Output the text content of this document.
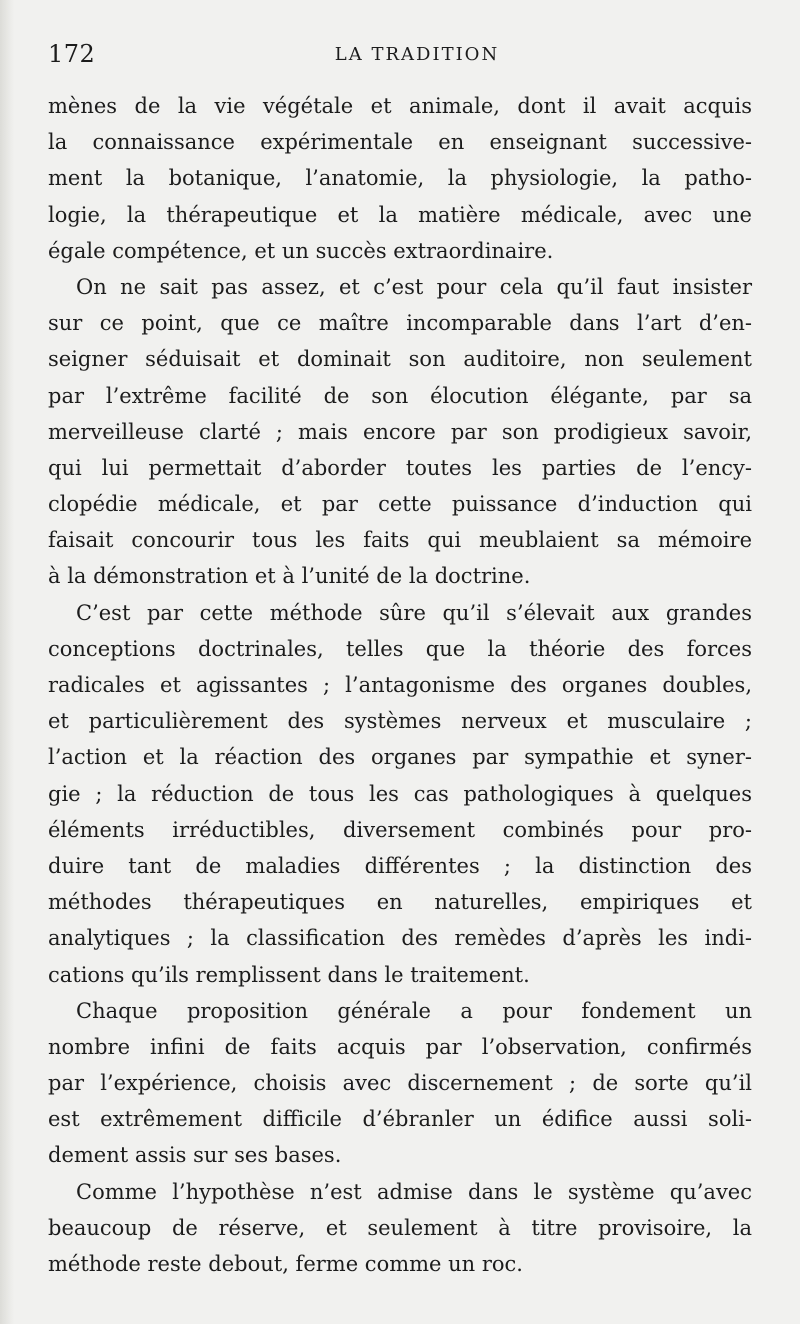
172	LA TRADITION
mènes de la vie végétale et animale, dont il avait acquis
la connaissance expérimentale en enseignant successive-
ment la botanique, l’anatomie, la physiologie, la patho-
logie, la thérapeutique et la matière médicale, avec une
égale compétence, et un succès extraordinaire.
On ne sait pas assez, et c’est pour cela qu’il faut insister
sur ce point, que ce maître incomparable dans l’art d’en-
seigner séduisait et dominait son auditoire, non seulement
par l’extrême facilité de son élocution élégante, par sa
merveilleuse clarté ; mais encore par son prodigieux savoir,
qui lui permettait d’aborder toutes les parties de l’ency-
clopédie médicale, et par cette puissance d’induction qui
faisait concourir tous les faits qui meublaient sa mémoire
à la démonstration et à l’unité de la doctrine.
C’est par cette méthode sûre qu’il s’élevait aux grandes
conceptions doctrinales, telles que la théorie des forces
radicales et agissantes ; l’antagonisme des organes doubles,
et particulièrement des systèmes nerveux et musculaire ;
l’action et la réaction des organes par sympathie et syner-
gie ; la réduction de tous les cas pathologiques à quelques
éléments irréductibles, diversement combinés pour pro-
duire tant de maladies différentes ; la distinction des
méthodes thérapeutiques en naturelles, empiriques et
analytiques ; la classification des remèdes d’après les indi-
cations qu’ils remplissent dans le traitement.
Chaque proposition générale a pour fondement un
nombre infini de faits acquis par l’observation, confirmés
par l’expérience, choisis avec discernement ; de sorte qu’il
est extrêmement difficile d’ébranler un édifice aussi soli-
dement assis sur ses bases.
Comme l’hypothèse n’est admise dans le système qu’avec
beaucoup de réserve, et seulement à titre provisoire, la
méthode reste debout, ferme comme un roc.
